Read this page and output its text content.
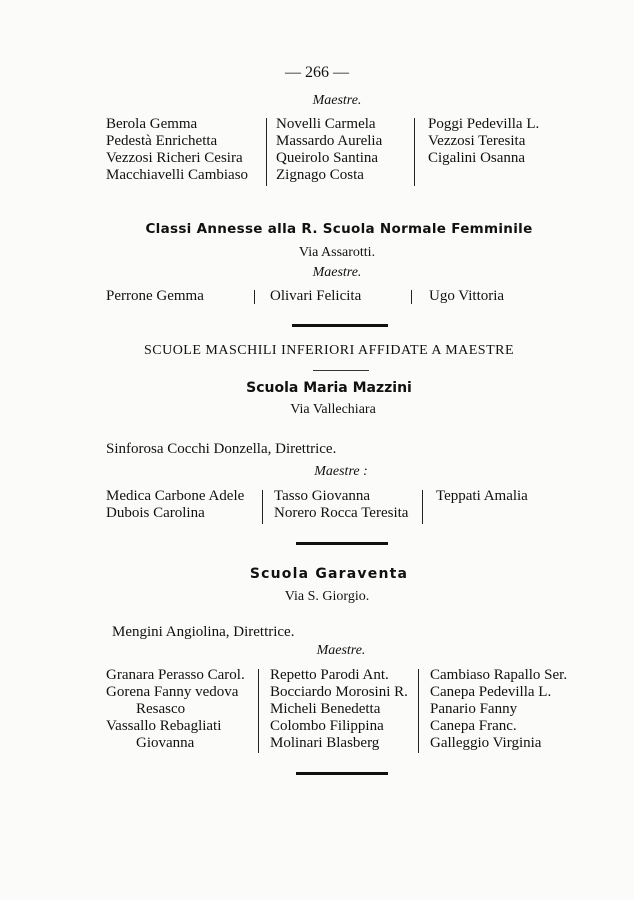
— 266 —
Maestre.
Berola Gemma
Pedestà Enrichetta
Vezzosi Richeri Cesira
Macchiavelli Cambiaso
Novelli Carmela
Massardo Aurelia
Queirolo Santina
Zignago Costa
Poggi Pedevilla L.
Vezzosi Teresita
Cigalini Osanna
Classi Annesse alla R. Scuola Normale Femminile
Via Assarotti.
Maestre.
Perrone Gemma	Olivari Felicita	Ugo Vittoria
SCUOLE MASCHILI INFERIORI AFFIDATE A MAESTRE
Scuola Maria Mazzini
Via Vallechiara
Sinforosa Cocchi Donzella, Direttrice.
Maestre :
Medica Carbone Adele
Dubois Carolina
Tasso Giovanna
Norero Rocca Teresita
Teppati Amalia
Scuola Garaventa
Via S. Giorgio.
Mengini Angiolina, Direttrice.
Maestre.
Granara Perasso Carol.
Gorena Fanny vedova
Resasco
Vassallo Rebagliati
Giovanna
Repetto Parodi Ant.
Bocciardo Morosini R.
Micheli Benedetta
Colombo Filippina
Molinari Blasberg
Cambiaso Rapallo Ser.
Canepa Pedevilla L.
Panario Fanny
Canepa Franc.
Galleggio Virginia
